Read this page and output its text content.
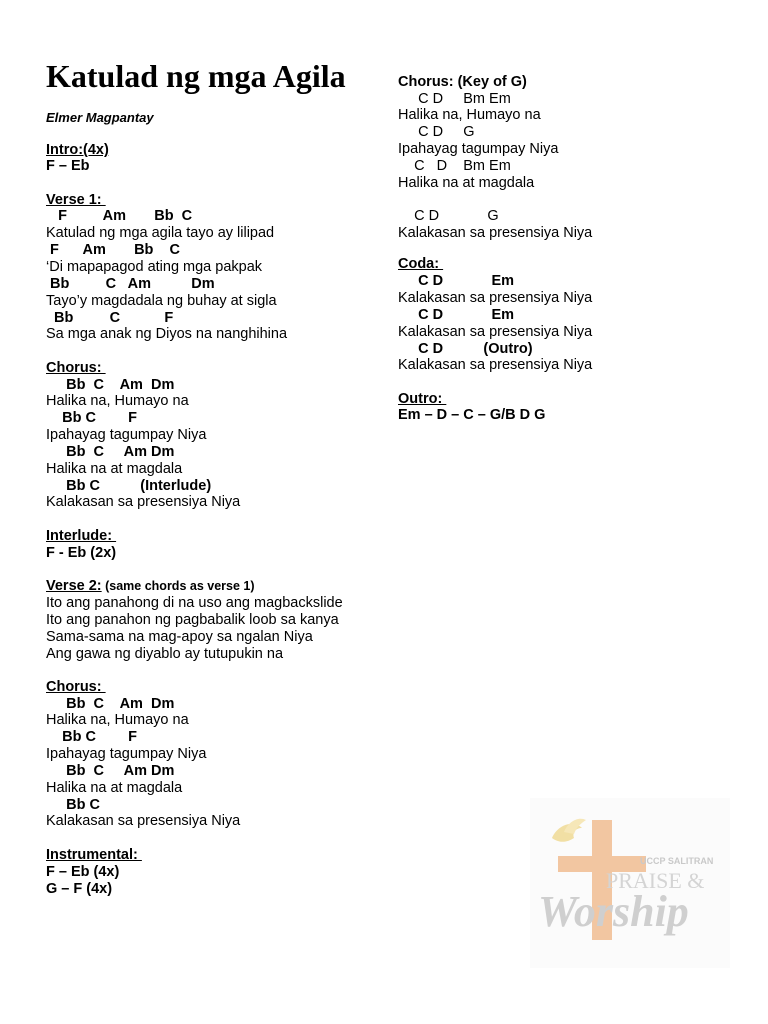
Katulad ng mga Agila
Elmer Magpantay
Intro:(4x)
F – Eb
Verse 1:
F         Am       Bb  C
Katulad ng mga agila tayo ay lilipad
F      Am       Bb    C
‘Di mapapagod ating mga pakpak
Bb         C   Am          Dm
Tayo’y magdadala ng buhay at sigla
Bb         C           F
Sa mga anak ng Diyos na nanghihina
Chorus:
Bb  C    Am  Dm
Halika na, Humayo na
Bb C        F
Ipahayag tagumpay Niya
Bb  C     Am Dm
Halika na at magdala
Bb C          (Interlude)
Kalakasan sa presensiya Niya
Interlude:
F - Eb (2x)
Verse 2: (same chords as verse 1)
Ito ang panahong di na uso ang magbackslide
Ito ang panahon ng pagbabalik loob sa kanya
Sama-sama na mag-apoy sa ngalan Niya
Ang gawa ng diyablo ay tutupukin na
Chorus:
Bb  C    Am  Dm
Halika na, Humayo na
Bb C        F
Ipahayag tagumpay Niya
Bb  C     Am Dm
Halika na at magdala
Bb C
Kalakasan sa presensiya Niya
Instrumental:
F – Eb (4x)
G – F (4x)
Chorus: (Key of G)
C D     Bm Em
Halika na, Humayo na
C D     G
Ipahayag tagumpay Niya
C   D    Bm Em
Halika na at magdala
C D            G
Kalakasan sa presensiya Niya
Coda:
C D            Em
Kalakasan sa presensiya Niya
C D            Em
Kalakasan sa presensiya Niya
C D          (Outro)
Kalakasan sa presensiya Niya
Outro:
Em – D – C – G/B D G
UCCP SALITRAN
PRAISE &
Worship
